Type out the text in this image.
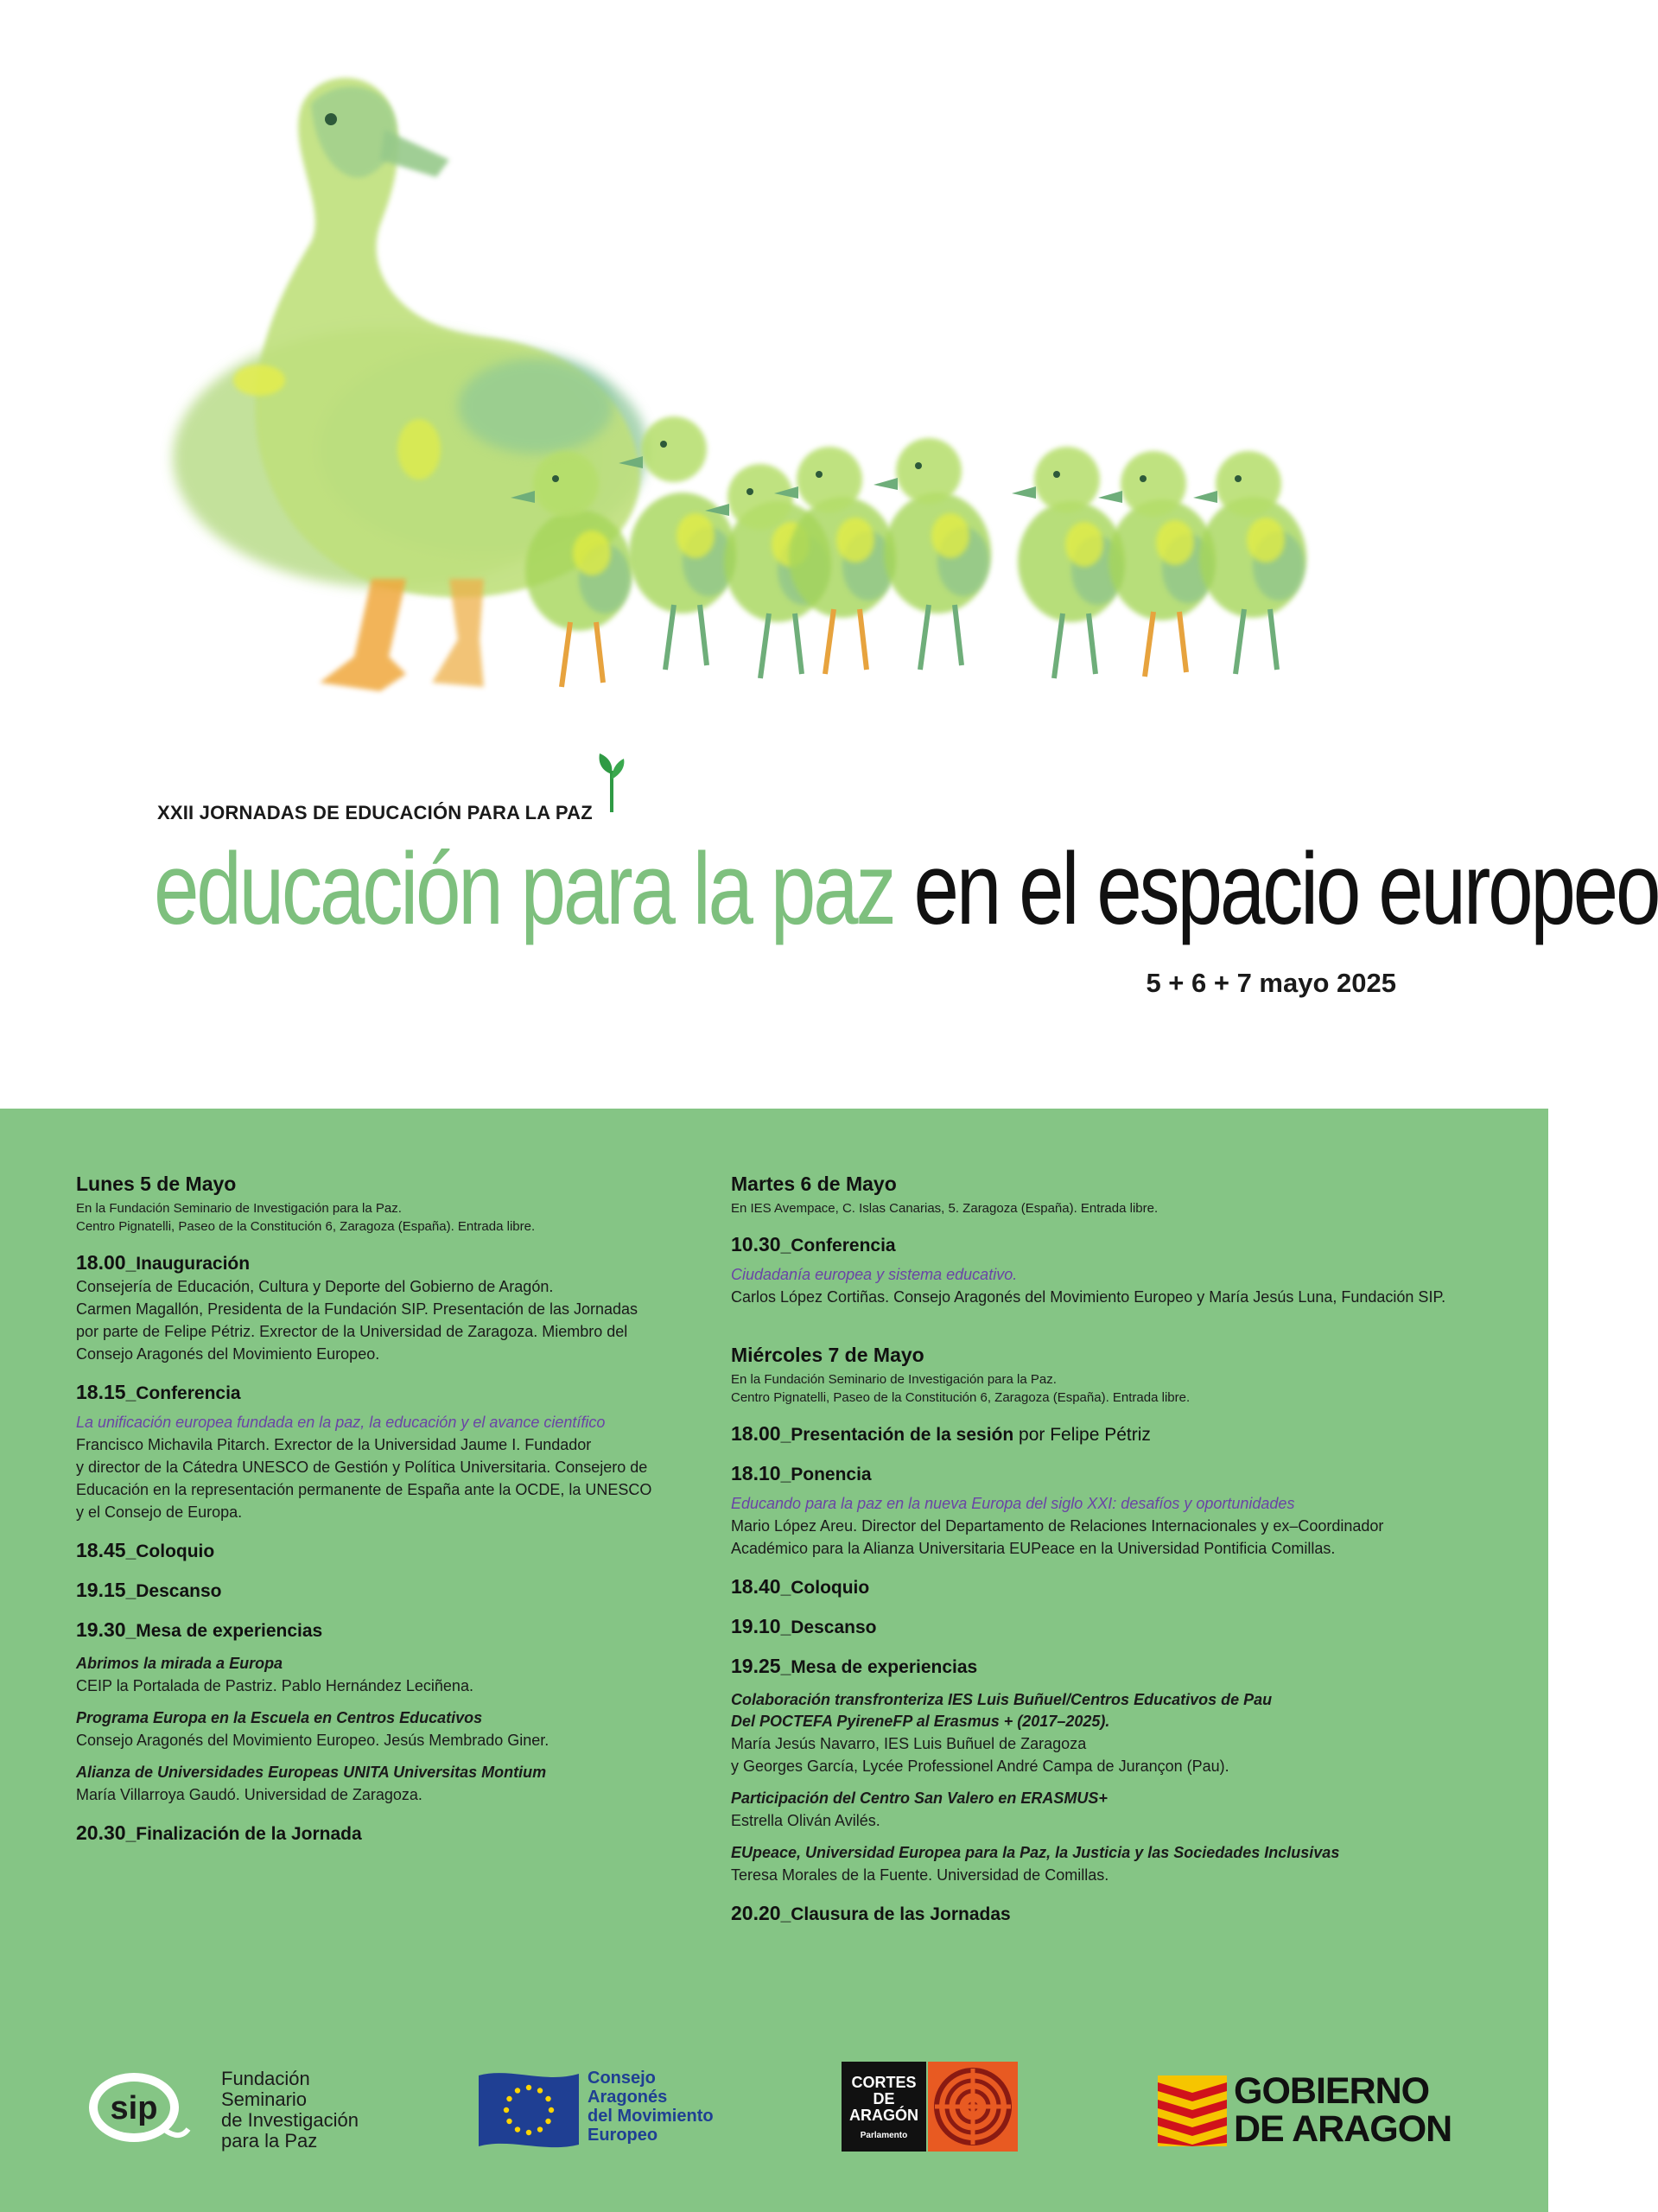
XXII JORNADAS DE EDUCACIÓN PARA LA PAZ
educación para la paz en el espacio europeo
5 + 6 + 7 mayo 2025
Lunes 5 de Mayo
En la Fundación Seminario de Investigación para la Paz.
Centro Pignatelli, Paseo de la Constitución 6, Zaragoza (España). Entrada libre.
18.00_Inauguración
Consejería de Educación, Cultura y Deporte del Gobierno de Aragón.
Carmen Magallón, Presidenta de la Fundación SIP. Presentación de las Jornadas
por parte de Felipe Pétriz. Exrector de la Universidad de Zaragoza. Miembro del
Consejo Aragonés del Movimiento Europeo.
18.15_Conferencia
La unificación europea fundada en la paz, la educación y el avance científico
Francisco Michavila Pitarch. Exrector de la Universidad Jaume I. Fundador
y director de la Cátedra UNESCO de Gestión y Política Universitaria. Consejero de
Educación en la representación permanente de España ante la OCDE, la UNESCO
y el Consejo de Europa.
18.45_Coloquio
19.15_Descanso
19.30_Mesa de experiencias
Abrimos la mirada a Europa
CEIP la Portalada de Pastriz. Pablo Hernández Leciñena.
Programa Europa en la Escuela en Centros Educativos
Consejo Aragonés del Movimiento Europeo. Jesús Membrado Giner.
Alianza de Universidades Europeas UNITA Universitas Montium
María Villarroya Gaudó. Universidad de Zaragoza.
20.30_Finalización de la Jornada
Martes 6 de Mayo
En IES Avempace, C. Islas Canarias, 5. Zaragoza (España). Entrada libre.
10.30_Conferencia
Ciudadanía europea y sistema educativo.
Carlos López Cortiñas. Consejo Aragonés del Movimiento Europeo y María Jesús Luna, Fundación SIP.
Miércoles 7 de Mayo
En la Fundación Seminario de Investigación para la Paz.
Centro Pignatelli, Paseo de la Constitución 6, Zaragoza (España). Entrada libre.
18.00_Presentación de la sesión por Felipe Pétriz
18.10_Ponencia
Educando para la paz en la nueva Europa del siglo XXI: desafíos y oportunidades
Mario López Areu. Director del Departamento de Relaciones Internacionales y ex–Coordinador
Académico para la Alianza Universitaria EUPeace en la Universidad Pontificia Comillas.
18.40_Coloquio
19.10_Descanso
19.25_Mesa de experiencias
Colaboración transfronteriza IES Luis Buñuel/Centros Educativos de Pau
Del POCTEFA PyireneFP al Erasmus + (2017–2025).
María Jesús Navarro, IES Luis Buñuel de Zaragoza
y Georges García, Lycée Professionel André Campa de Jurançon (Pau).
Participación del Centro San Valero en ERASMUS+
Estrella Oliván Avilés.
EUpeace, Universidad Europea para la Paz, la Justicia y las Sociedades Inclusivas
Teresa Morales de la Fuente. Universidad de Comillas.
20.20_Clausura de las Jornadas
sip
Fundación
Seminario
de Investigación
para la Paz
Consejo
Aragonés
del Movimiento
Europeo
CORTES
DE
ARAGÓN
Parlamento
GOBIERNO
DE ARAGON
